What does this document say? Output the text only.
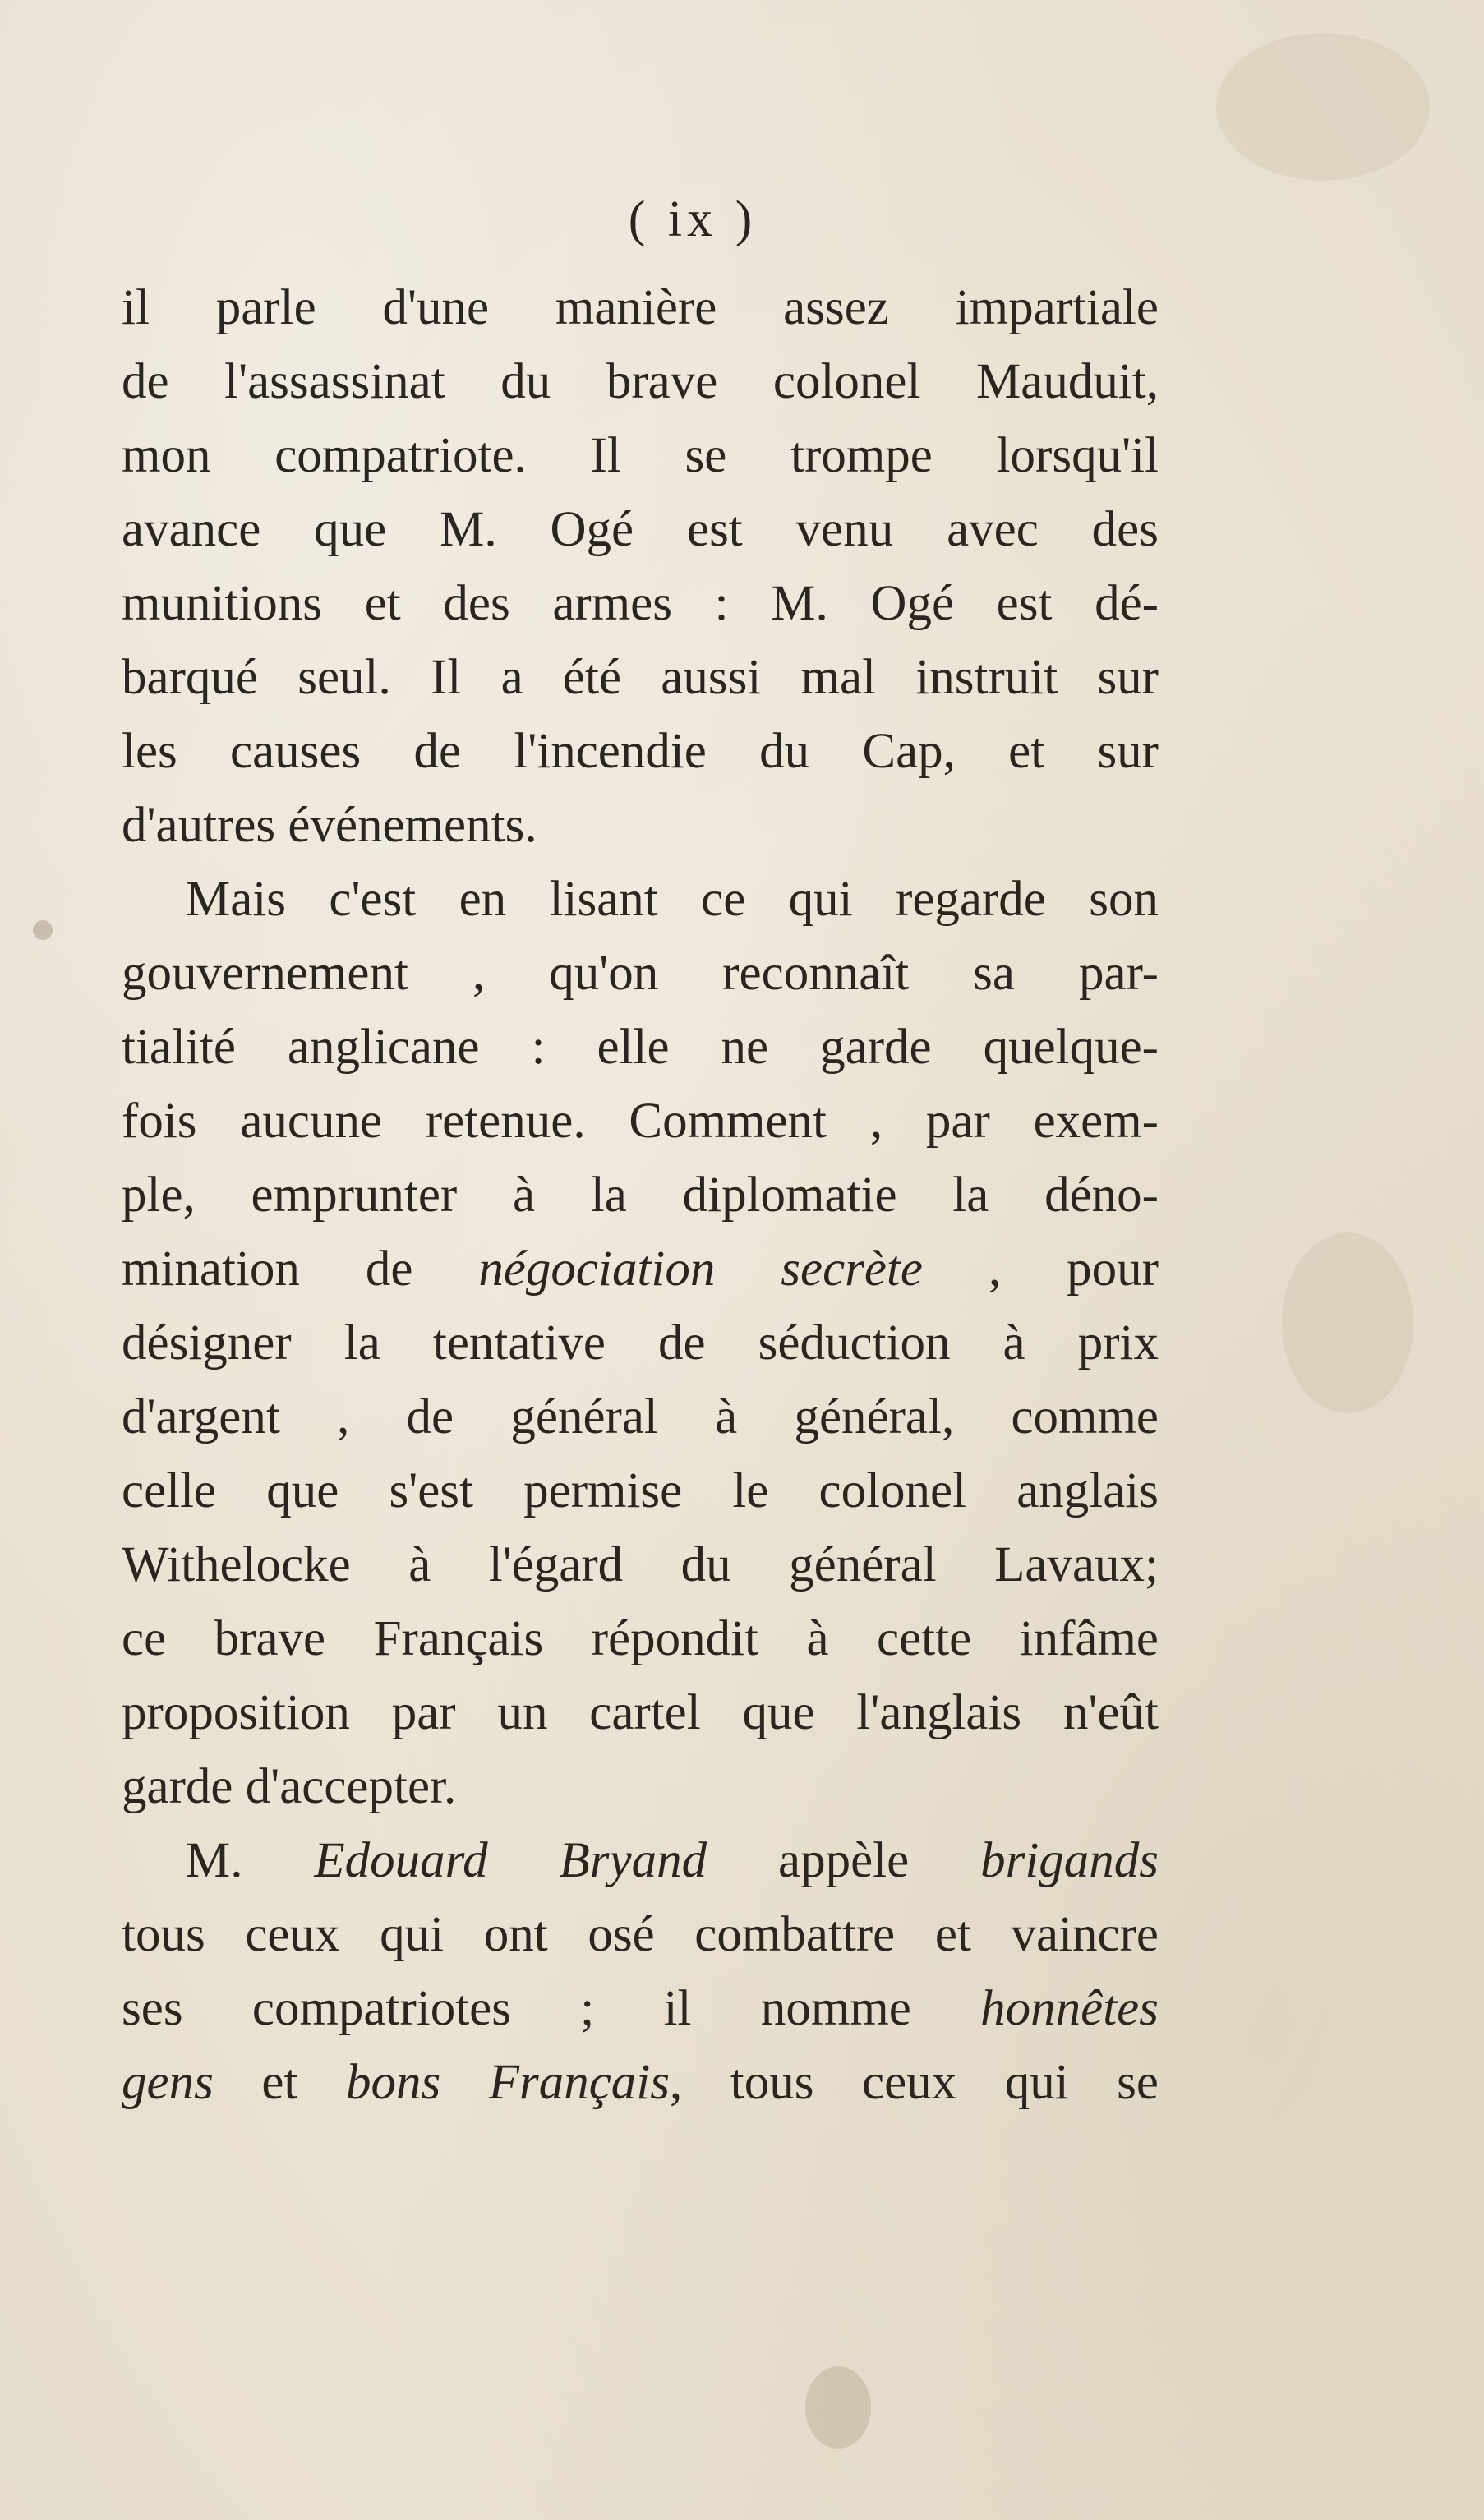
( ix )
il parle d'une manière assez impartiale
de l'assassinat du brave colonel Mauduit,
mon compatriote. Il se trompe lorsqu'il
avance que M. Ogé est venu avec des
munitions et des armes : M. Ogé est dé-
barqué seul. Il a été aussi mal instruit sur
les causes de l'incendie du Cap, et sur
d'autres événements.
Mais c'est en lisant ce qui regarde son
gouvernement , qu'on reconnaît sa par-
tialité anglicane : elle ne garde quelque-
fois aucune retenue. Comment , par exem-
ple, emprunter à la diplomatie la déno-
mination de négociation secrète , pour
désigner la tentative de séduction à prix
d'argent , de général à général, comme
celle que s'est permise le colonel anglais
Withelocke à l'égard du général Lavaux;
ce brave Français répondit à cette infâme
proposition par un cartel que l'anglais n'eût
garde d'accepter.
M. Edouard Bryand appèle brigands
tous ceux qui ont osé combattre et vaincre
ses compatriotes ; il nomme honnêtes
gens et bons Français, tous ceux qui se
